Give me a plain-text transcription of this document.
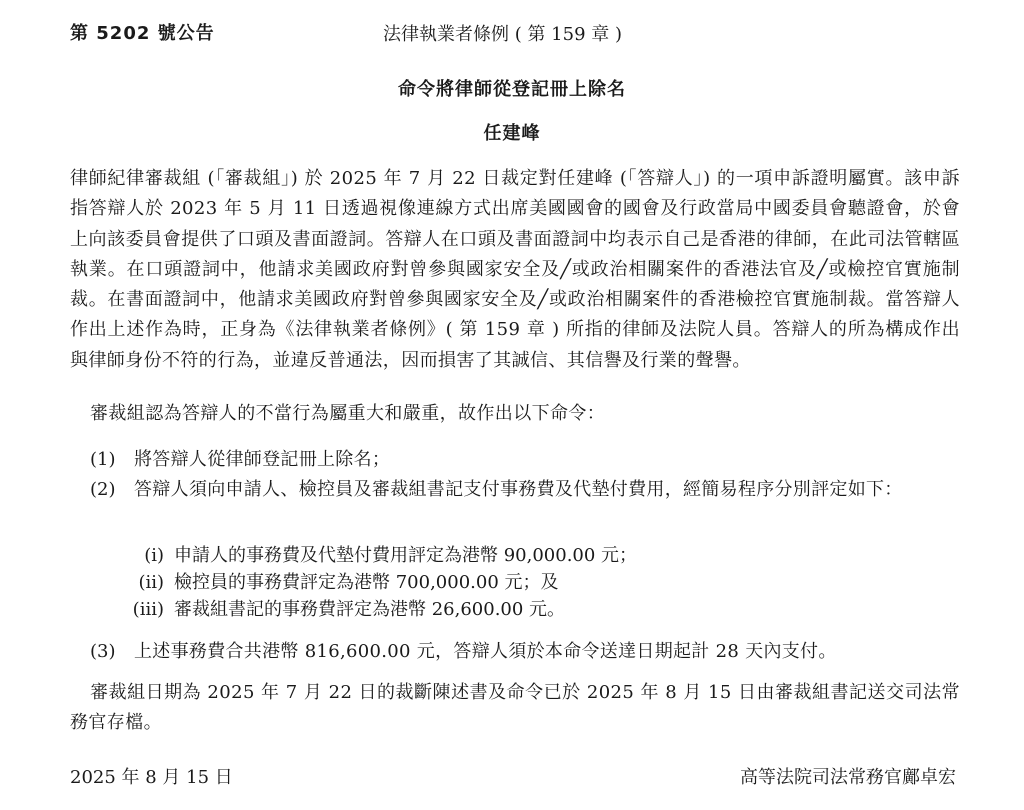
第 5202 號公告	法律執業者條例 ( 第 159 章 )
命令將律師從登記冊上除名
任建峰

律師紀律審裁組 (「審裁組」) 於 2025 年 7 月 22 日裁定對任建峰 (「答辯人」) 的一項申訴證明屬實。該申訴指答辯人於 2023 年 5 月 11 日透過視像連線方式出席美國國會的國會及行政當局中國委員會聽證會，於會上向該委員會提供了口頭及書面證詞。答辯人在口頭及書面證詞中均表示自己是香港的律師，在此司法管轄區執業。在口頭證詞中，他請求美國政府對曾參與國家安全及╱或政治相關案件的香港法官及╱或檢控官實施制裁。在書面證詞中，他請求美國政府對曾參與國家安全及╱或政治相關案件的香港檢控官實施制裁。當答辯人作出上述作為時，正身為《法律執業者條例》( 第 159 章 ) 所指的律師及法院人員。答辯人的所為構成作出與律師身份不符的行為，並違反普通法，因而損害了其誠信、其信譽及行業的聲譽。

審裁組認為答辯人的不當行為屬重大和嚴重，故作出以下命令：

(1) 將答辯人從律師登記冊上除名；
(2) 答辯人須向申請人、檢控員及審裁組書記支付事務費及代墊付費用，經簡易程序分別評定如下：
(i) 申請人的事務費及代墊付費用評定為港幣 90,000.00 元；
(ii) 檢控員的事務費評定為港幣 700,000.00 元；及
(iii) 審裁組書記的事務費評定為港幣 26,600.00 元。
(3) 上述事務費合共港幣 816,600.00 元，答辯人須於本命令送達日期起計 28 天內支付。

審裁組日期為 2025 年 7 月 22 日的裁斷陳述書及命令已於 2025 年 8 月 15 日由審裁組書記送交司法常務官存檔。

2025 年 8 月 15 日	高等法院司法常務官鄺卓宏
